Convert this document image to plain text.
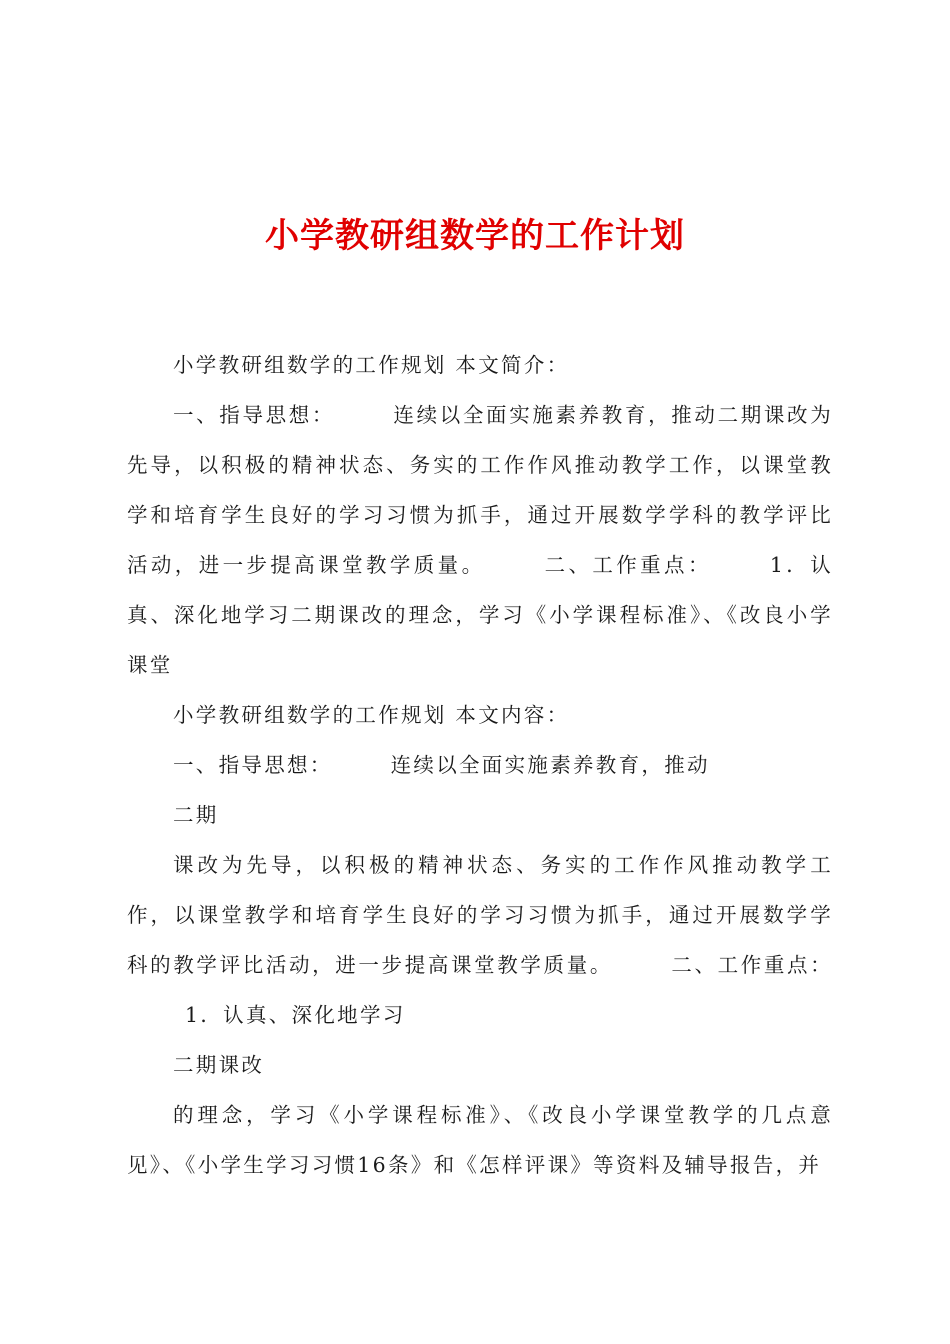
小学教研组数学的工作计划

小学教研组数学的工作规划 本文简介：

一、指导思想：	连续以全面实施素养教育，推动二期课改为先导，以积极的精神状态、务实的工作作风推动教学工作，以课堂教学和培育学生良好的学习习惯为抓手，通过开展数学学科的教学评比活动，进一步提高课堂教学质量。	二、工作重点：	1．认真、深化地学习二期课改的理念，学习《小学课程标准》、《改良小学课堂

小学教研组数学的工作规划 本文内容：

一、指导思想：	连续以全面实施素养教育，推动

二期

课改为先导，以积极的精神状态、务实的工作作风推动教学工作，以课堂教学和培育学生良好的学习习惯为抓手，通过开展数学学科的教学评比活动，进一步提高课堂教学质量。	二、工作重点：1．认真、深化地学习

二期课改

的理念，学习《小学课程标准》、《改良小学课堂教学的几点意见》、《小学生学习习惯16条》和《怎样评课》等资料及辅导报告，并
